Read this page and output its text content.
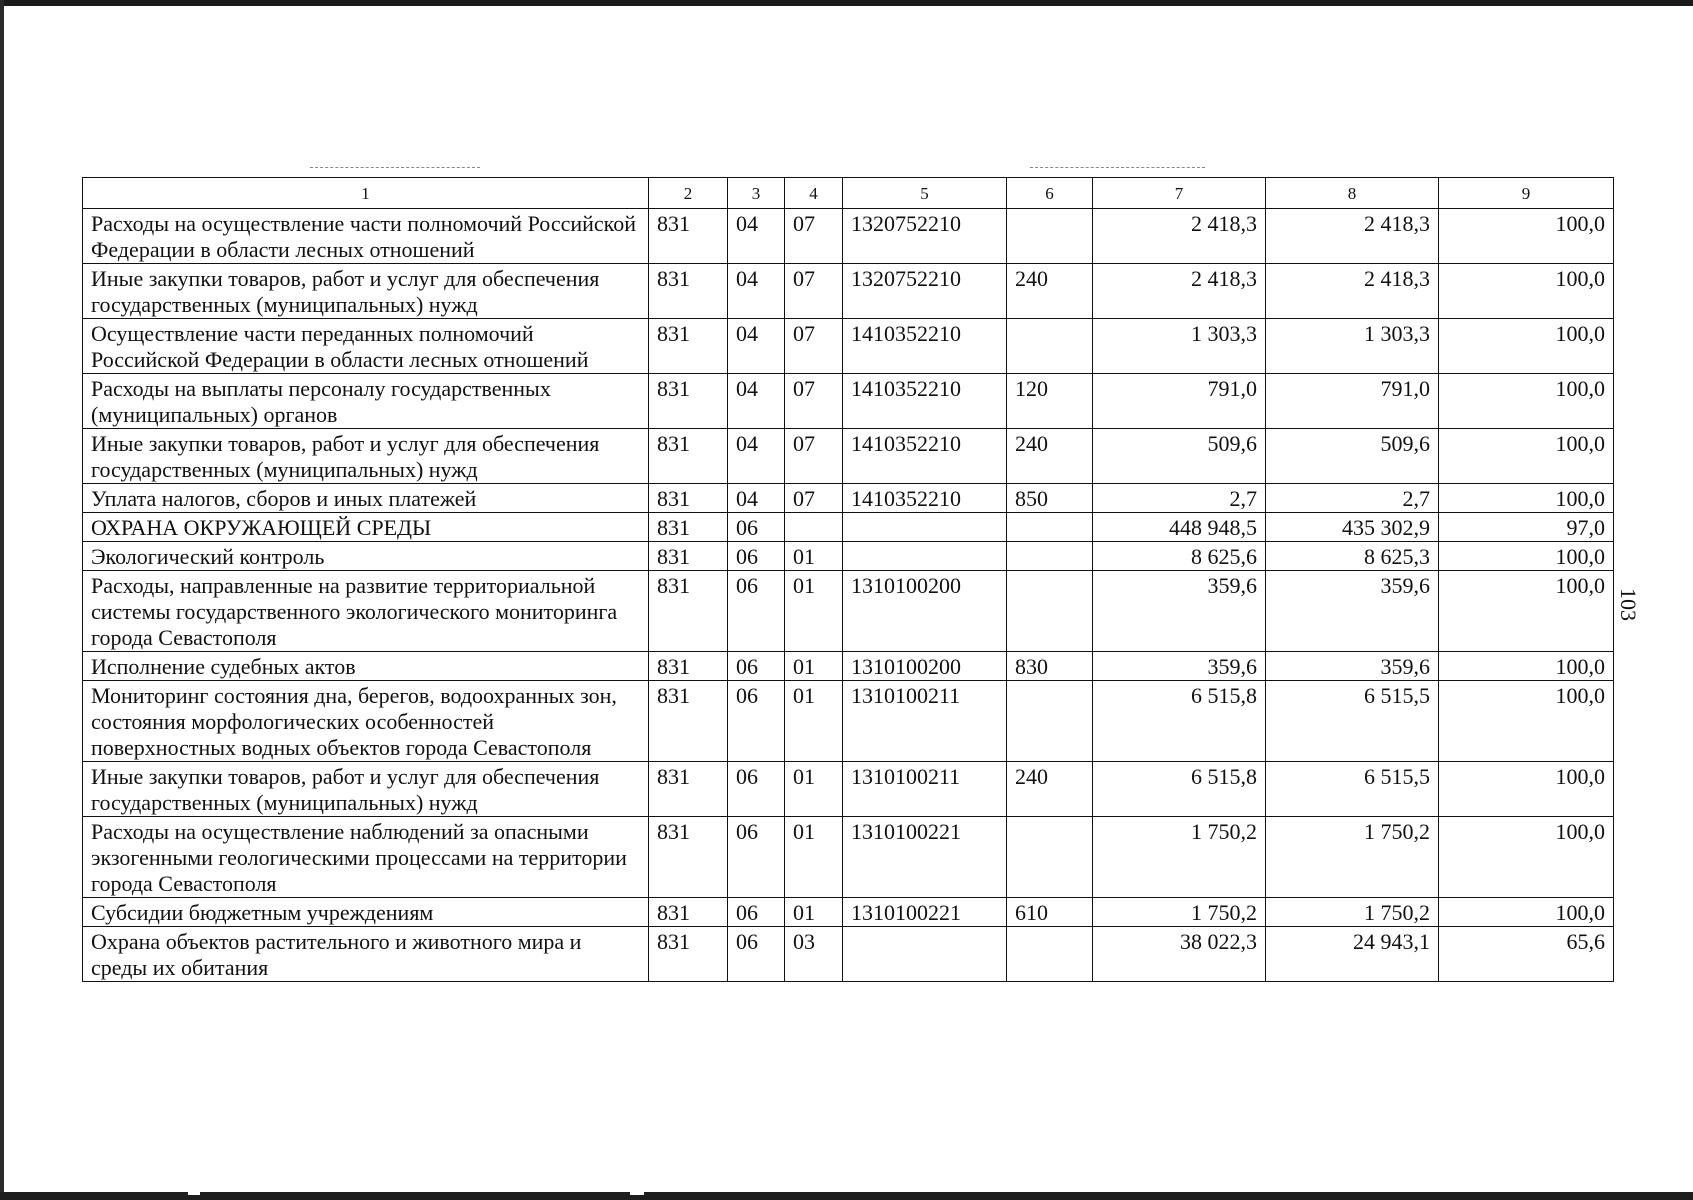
1	2	3	4	5	6	7	8	9
Расходы на осуществление части полномочий Российской Федерации в области лесных отношений	831	04	07	1320752210		2 418,3	2 418,3	100,0
Иные закупки товаров, работ и услуг для обеспечения государственных (муниципальных) нужд	831	04	07	1320752210	240	2 418,3	2 418,3	100,0
Осуществление части переданных полномочий Российской Федерации в области лесных отношений	831	04	07	1410352210		1 303,3	1 303,3	100,0
Расходы на выплаты персоналу государственных (муниципальных) органов	831	04	07	1410352210	120	791,0	791,0	100,0
Иные закупки товаров, работ и услуг для обеспечения государственных (муниципальных) нужд	831	04	07	1410352210	240	509,6	509,6	100,0
Уплата налогов, сборов и иных платежей	831	04	07	1410352210	850	2,7	2,7	100,0
ОХРАНА ОКРУЖАЮЩЕЙ СРЕДЫ	831	06				448 948,5	435 302,9	97,0
Экологический контроль	831	06	01			8 625,6	8 625,3	100,0
Расходы, направленные на развитие территориальной системы государственного экологического мониторинга города Севастополя	831	06	01	1310100200		359,6	359,6	100,0
Исполнение судебных актов	831	06	01	1310100200	830	359,6	359,6	100,0
Мониторинг состояния дна, берегов, водоохранных зон, состояния морфологических особенностей поверхностных водных объектов города Севастополя	831	06	01	1310100211		6 515,8	6 515,5	100,0
Иные закупки товаров, работ и услуг для обеспечения государственных (муниципальных) нужд	831	06	01	1310100211	240	6 515,8	6 515,5	100,0
Расходы на осуществление наблюдений за опасными экзогенными геологическими процессами на территории города Севастополя	831	06	01	1310100221		1 750,2	1 750,2	100,0
Субсидии бюджетным учреждениям	831	06	01	1310100221	610	1 750,2	1 750,2	100,0
Охрана объектов растительного и животного мира и среды их обитания	831	06	03			38 022,3	24 943,1	65,6
103
